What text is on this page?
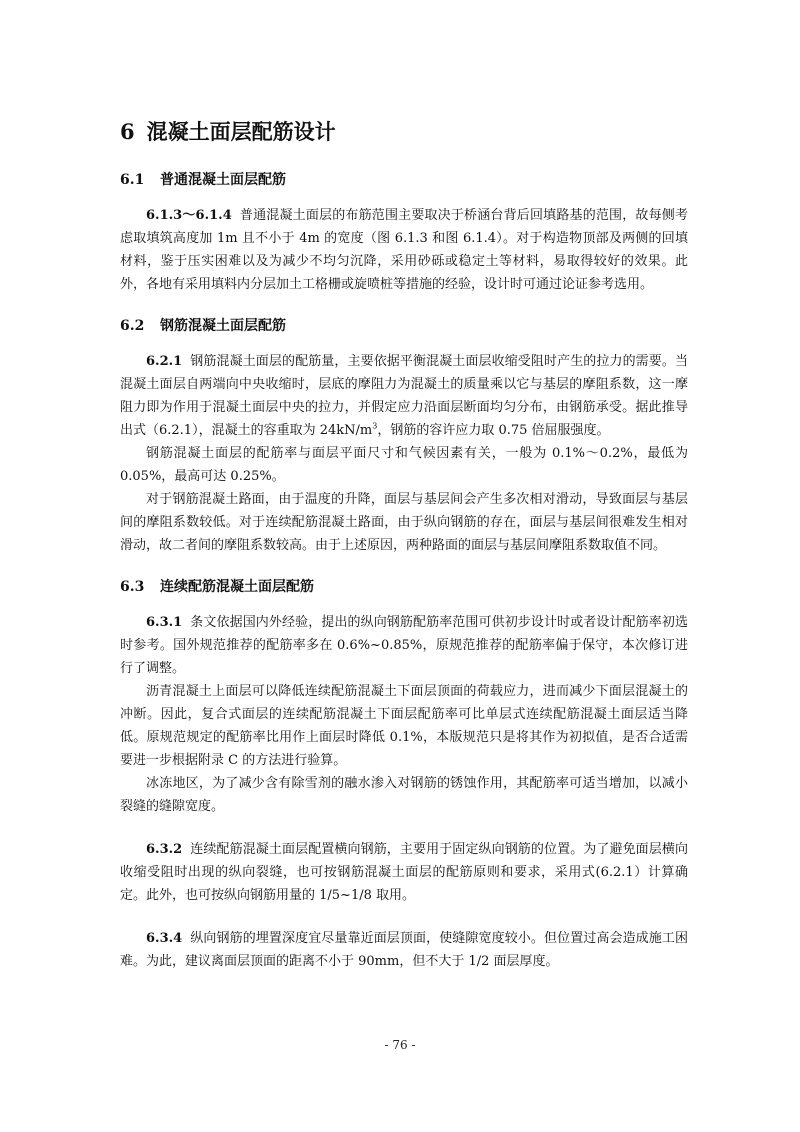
6 混凝土面层配筋设计
6.1 普通混凝土面层配筋

6.1.3～6.1.4 普通混凝土面层的布筋范围主要取决于桥涵台背后回填路基的范围，故每侧考虑取填筑高度加 1m 且不小于 4m 的宽度（图 6.1.3 和图 6.1.4）。对于构造物顶部及两侧的回填材料，鉴于压实困难以及为减少不均匀沉降，采用砂砾或稳定土等材料，易取得较好的效果。此外，各地有采用填料内分层加土工格栅或旋喷桩等措施的经验，设计时可通过论证参考选用。

6.2 钢筋混凝土面层配筋

6.2.1 钢筋混凝土面层的配筋量，主要依据平衡混凝土面层收缩受阻时产生的拉力的需要。当混凝土面层自两端向中央收缩时，层底的摩阻力为混凝土的质量乘以它与基层的摩阻系数，这一摩阻力即为作用于混凝土面层中央的拉力，并假定应力沿面层断面均匀分布，由钢筋承受。据此推导出式（6.2.1），混凝土的容重取为 $24kN/m^3$，钢筋的容许应力取 0.75 倍屈服强度。

钢筋混凝土面层的配筋率与面层平面尺寸和气候因素有关，一般为 0.1%～0.2%，最低为 0.05%，最高可达 0.25%。

对于钢筋混凝土路面，由于温度的升降，面层与基层间会产生多次相对滑动，导致面层与基层间的摩阻系数较低。对于连续配筋混凝土路面，由于纵向钢筋的存在，面层与基层间很难发生相对滑动，故二者间的摩阻系数较高。由于上述原因，两种路面的面层与基层间摩阻系数取值不同。

6.3 连续配筋混凝土面层配筋

6.3.1 条文依据国内外经验，提出的纵向钢筋配筋率范围可供初步设计时或者设计配筋率初选时参考。国外规范推荐的配筋率多在 0.6%~0.85%，原规范推荐的配筋率偏于保守，本次修订进行了调整。

沥青混凝土上面层可以降低连续配筋混凝土下面层顶面的荷载应力，进而减少下面层混凝土的冲断。因此，复合式面层的连续配筋混凝土下面层配筋率可比单层式连续配筋混凝土面层适当降低。原规范规定的配筋率比用作上面层时降低 0.1%，本版规范只是将其作为初拟值，是否合适需要进一步根据附录 C 的方法进行验算。

冰冻地区，为了减少含有除雪剂的融水渗入对钢筋的锈蚀作用，其配筋率可适当增加，以减小裂缝的缝隙宽度。

6.3.2 连续配筋混凝土面层配置横向钢筋，主要用于固定纵向钢筋的位置。为了避免面层横向收缩受阻时出现的纵向裂缝，也可按钢筋混凝土面层的配筋原则和要求，采用式(6.2.1）计算确定。此外，也可按纵向钢筋用量的 1/5~1/8 取用。

6.3.4 纵向钢筋的埋置深度宜尽量靠近面层顶面，使缝隙宽度较小。但位置过高会造成施工困难。为此，建议离面层顶面的距离不小于 90mm，但不大于 1/2 面层厚度。

- 76 -
